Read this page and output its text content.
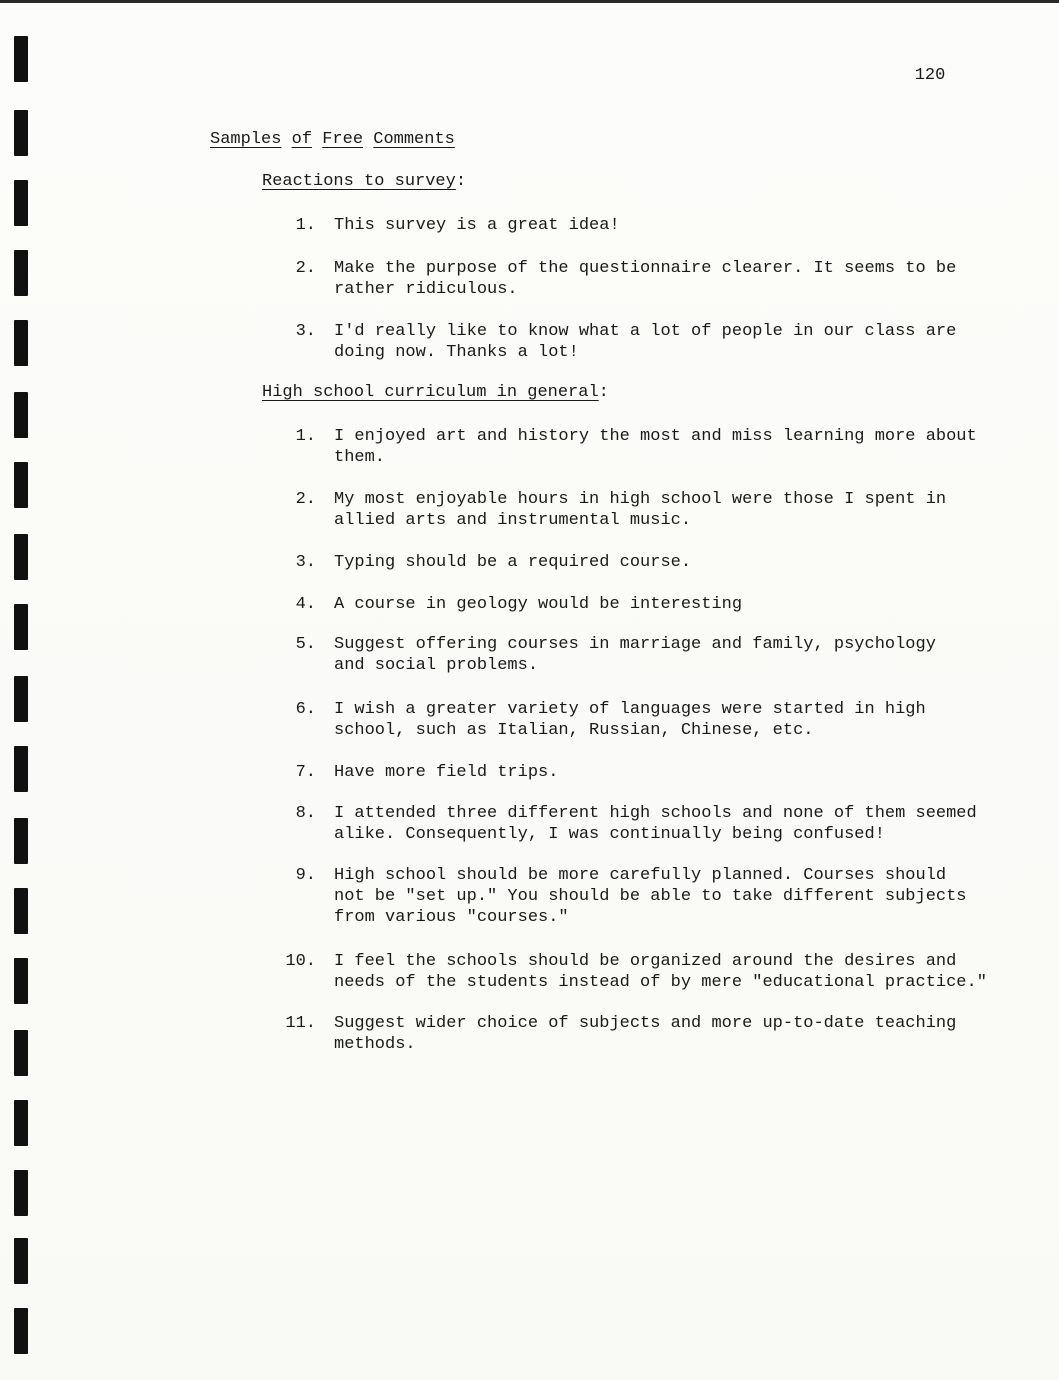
120
Samples of Free Comments
Reactions to survey:
1. This survey is a great idea!
2. Make the purpose of the questionnaire clearer. It seems to be
rather ridiculous.
3. I'd really like to know what a lot of people in our class are
doing now. Thanks a lot!
High school curriculum in general:
1. I enjoyed art and history the most and miss learning more about
them.
2. My most enjoyable hours in high school were those I spent in
allied arts and instrumental music.
3. Typing should be a required course.
4. A course in geology would be interesting
5. Suggest offering courses in marriage and family, psychology
and social problems.
6. I wish a greater variety of languages were started in high
school, such as Italian, Russian, Chinese, etc.
7. Have more field trips.
8. I attended three different high schools and none of them seemed
alike. Consequently, I was continually being confused!
9. High school should be more carefully planned. Courses should
not be "set up." You should be able to take different subjects
from various "courses."
10. I feel the schools should be organized around the desires and
needs of the students instead of by mere "educational practice."
11. Suggest wider choice of subjects and more up-to-date teaching
methods.
